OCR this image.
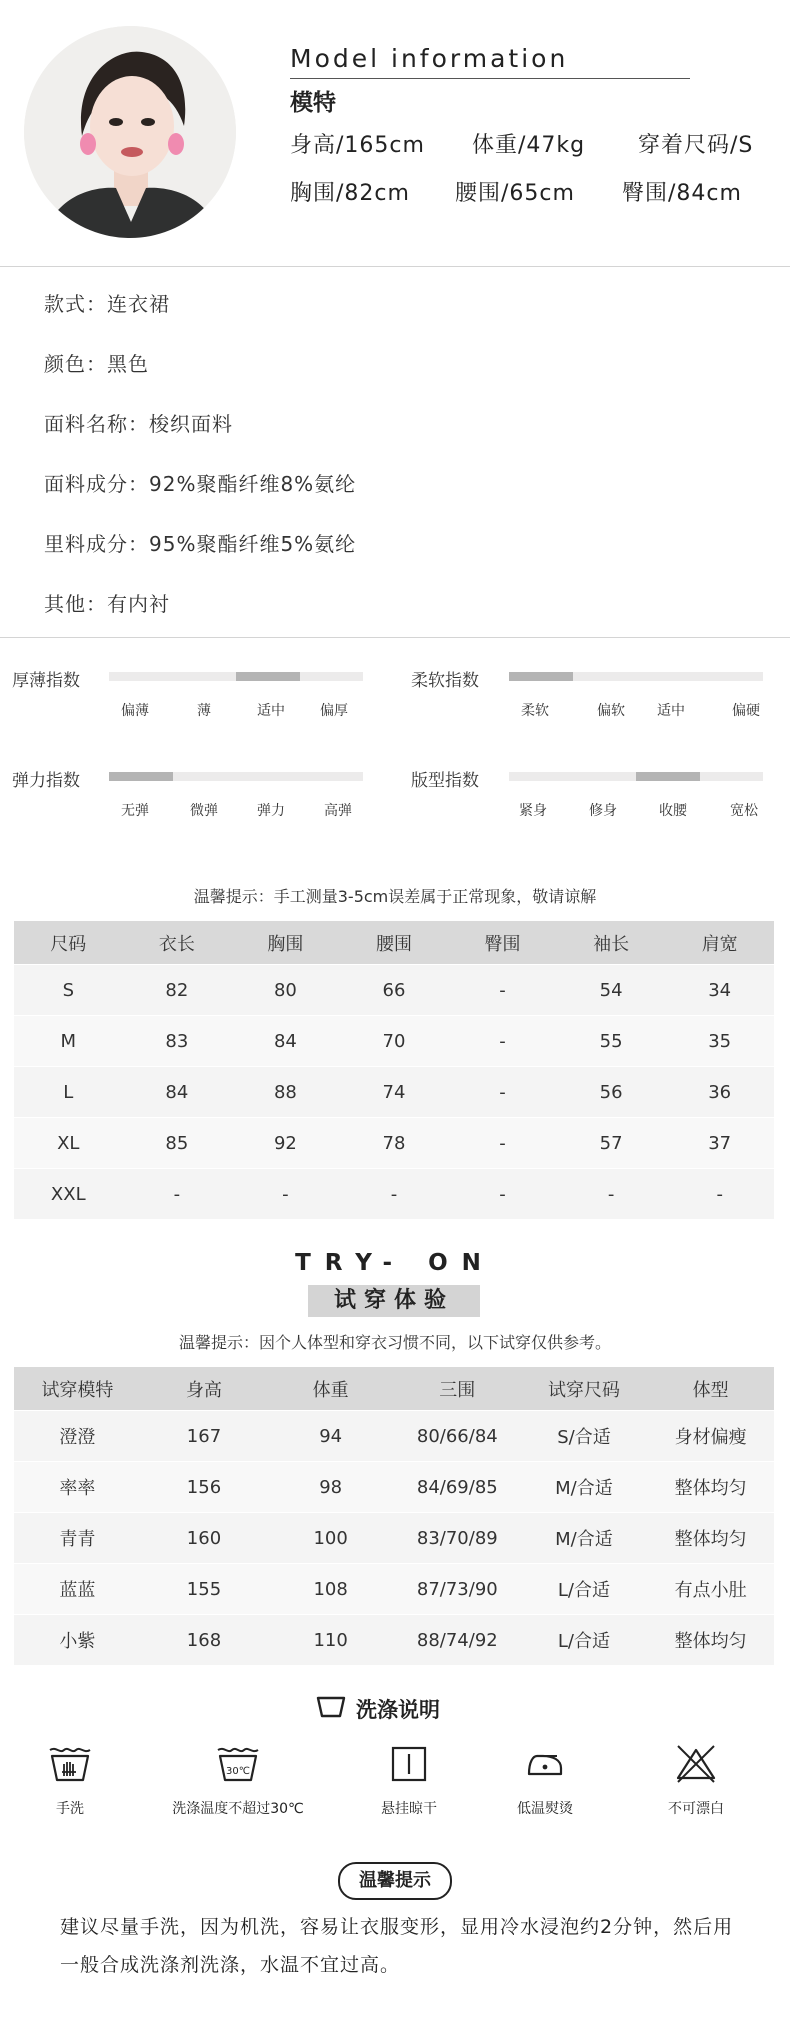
Model information
模特
身高/165cm 体重/47kg 穿着尺码/S
胸围/82cm 腰围/65cm 臀围/84cm
款式：连衣裙
颜色：黑色
面料名称：梭织面料
面料成分：92%聚酯纤维8%氨纶
里料成分：95%聚酯纤维5%氨纶
其他：有内衬
厚薄指数
偏薄	薄	适中	偏厚
柔软指数
柔软	偏软 适中	偏硬
弹力指数
无弹	微弹	弹力	高弹
版型指数
紧身	修身	收腰	宽松
温馨提示：手工测量3-5cm误差属于正常现象，敬请谅解
尺码	衣长	胸围	腰围	臀围	袖长	肩宽
S	82	80	66	-	54	34
M	83	84	70	-	55	35
L	84	88	74	-	56	36
XL	85	92	78	-	57	37
XXL	-	-	-	-	-	-
TRY- ON
试穿体验
温馨提示：因个人体型和穿衣习惯不同，以下试穿仅供参考。
试穿模特	身高	体重	三围	试穿尺码	体型
澄澄	167	94	80/66/84	S/合适	身材偏瘦
率率	156	98	84/69/85	M/合适	整体均匀
青青	160	100	83/70/89	M/合适	整体均匀
蓝蓝	155	108	87/73/90	L/合适	有点小肚
小紫	168	110	88/74/92	L/合适	整体均匀
洗涤说明
手洗
30℃
洗涤温度不超过30℃	悬挂晾干	低温熨烫	不可漂白
温馨提示
建议尽量手洗，因为机洗，容易让衣服变形，显用冷水浸泡约2分钟，然后用一般合成洗涤剂洗涤，水温不宜过高。
